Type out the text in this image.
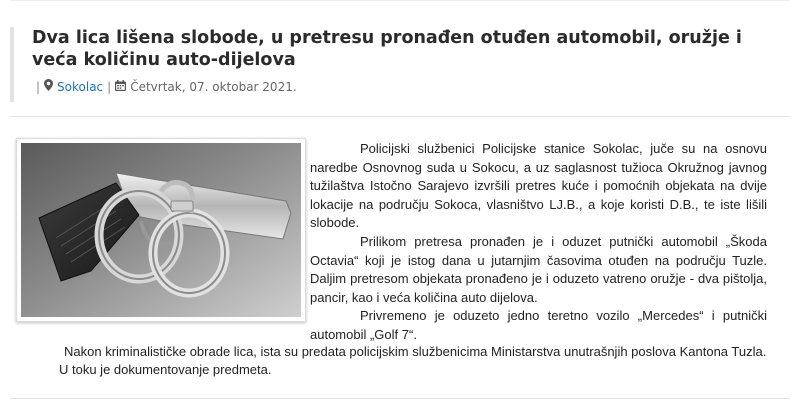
Dva lica lišena slobode, u pretresu pronađen otuđen automobil, oružje i veća količinu auto-dijelova
| Sokolac | Četvrtak, 07. oktobar 2021.

Policijski službenici Policijske stanice Sokolac, juče su na osnovu naredbe Osnovnog suda u Sokocu, a uz saglasnost tužioca Okružnog javnog tužilaštva Istočno Sarajevo izvršili pretres kuće i pomoćnih objekata na dvije lokacije na području Sokoca, vlasništvo LJ.B., a koje koristi D.B., te iste lišili slobode.

Prilikom pretresa pronađen je i oduzet putnički automobil „Škoda Octavia“ koji je istog dana u jutarnjim časovima otuđen na području Tuzle. Daljim pretresom objekata pronađeno je i oduzeto vatreno oružje - dva pištolja, pancir, kao i veća količina auto dijelova.

Privremeno je oduzeto jedno teretno vozilo „Mercedes“ i putnički automobil „Golf 7“.

Nakon kriminalističke obrade lica, ista su predata policijskim službenicima Ministarstva unutrašnjih poslova Kantona Tuzla.

U toku je dokumentovanje predmeta.
